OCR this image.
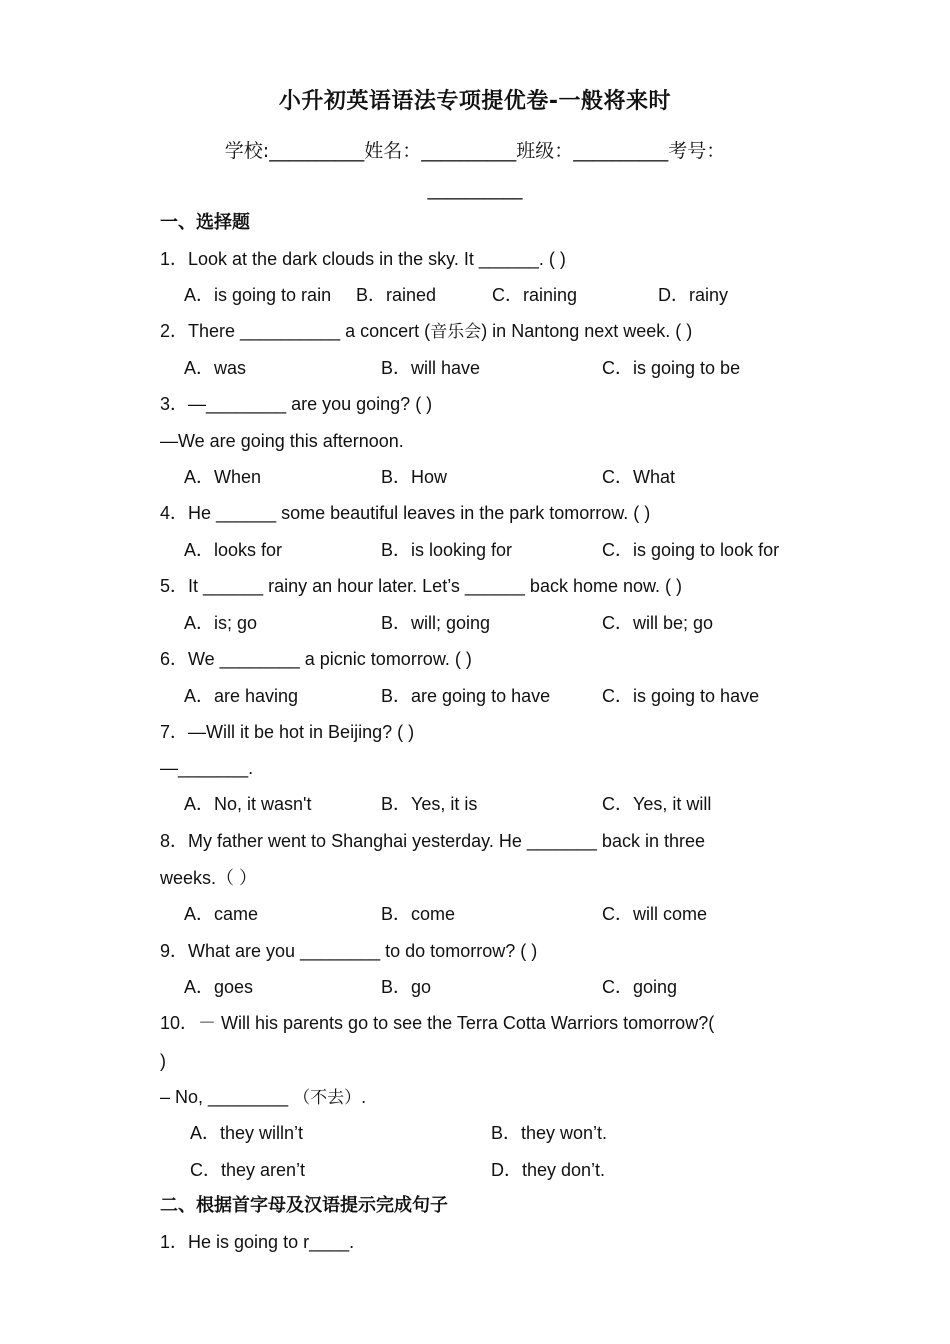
小升初英语语法专项提优卷-一般将来时
学校:__________姓名：__________班级：__________考号：
__________
一、选择题
1．Look at the dark clouds in the sky. It ______. ( )
A．is going to rain B．rained	C．raining	D．rainy
2．There __________ a concert (音乐会) in Nantong next week. ( )
A．was	B．will have	C．is going to be
3．—________ are you going? ( )
—We are going this afternoon.
A．When	B．How	C．What
4．He ______ some beautiful leaves in the park tomorrow. ( )
A．looks for	B．is looking for	C．is going to look for
5．It ______ rainy an hour later. Let’s ______ back home now. ( )
A．is; go	B．will; going	C．will be; go
6．We ________ a picnic tomorrow. ( )
A．are having	B．are going to have	C．is going to have
7．—Will it be hot in Beijing? ( )
—_______.
A．No, it wasn't	B．Yes, it is	C．Yes, it will
8．My father went to Shanghai yesterday. He _______ back in three
weeks.（ ）
A．came	B．come	C．will come
9．What are you ________ to do tomorrow? ( )
A．goes	B．go	C．going
10．－ Will his parents go to see the Terra Cotta Warriors tomorrow?(
)
– No, ________ （不去）.
A．they willn’t	B．they won’t.
C．they aren’t	D．they don’t.
二、根据首字母及汉语提示完成句子
1．He is going to r____.
